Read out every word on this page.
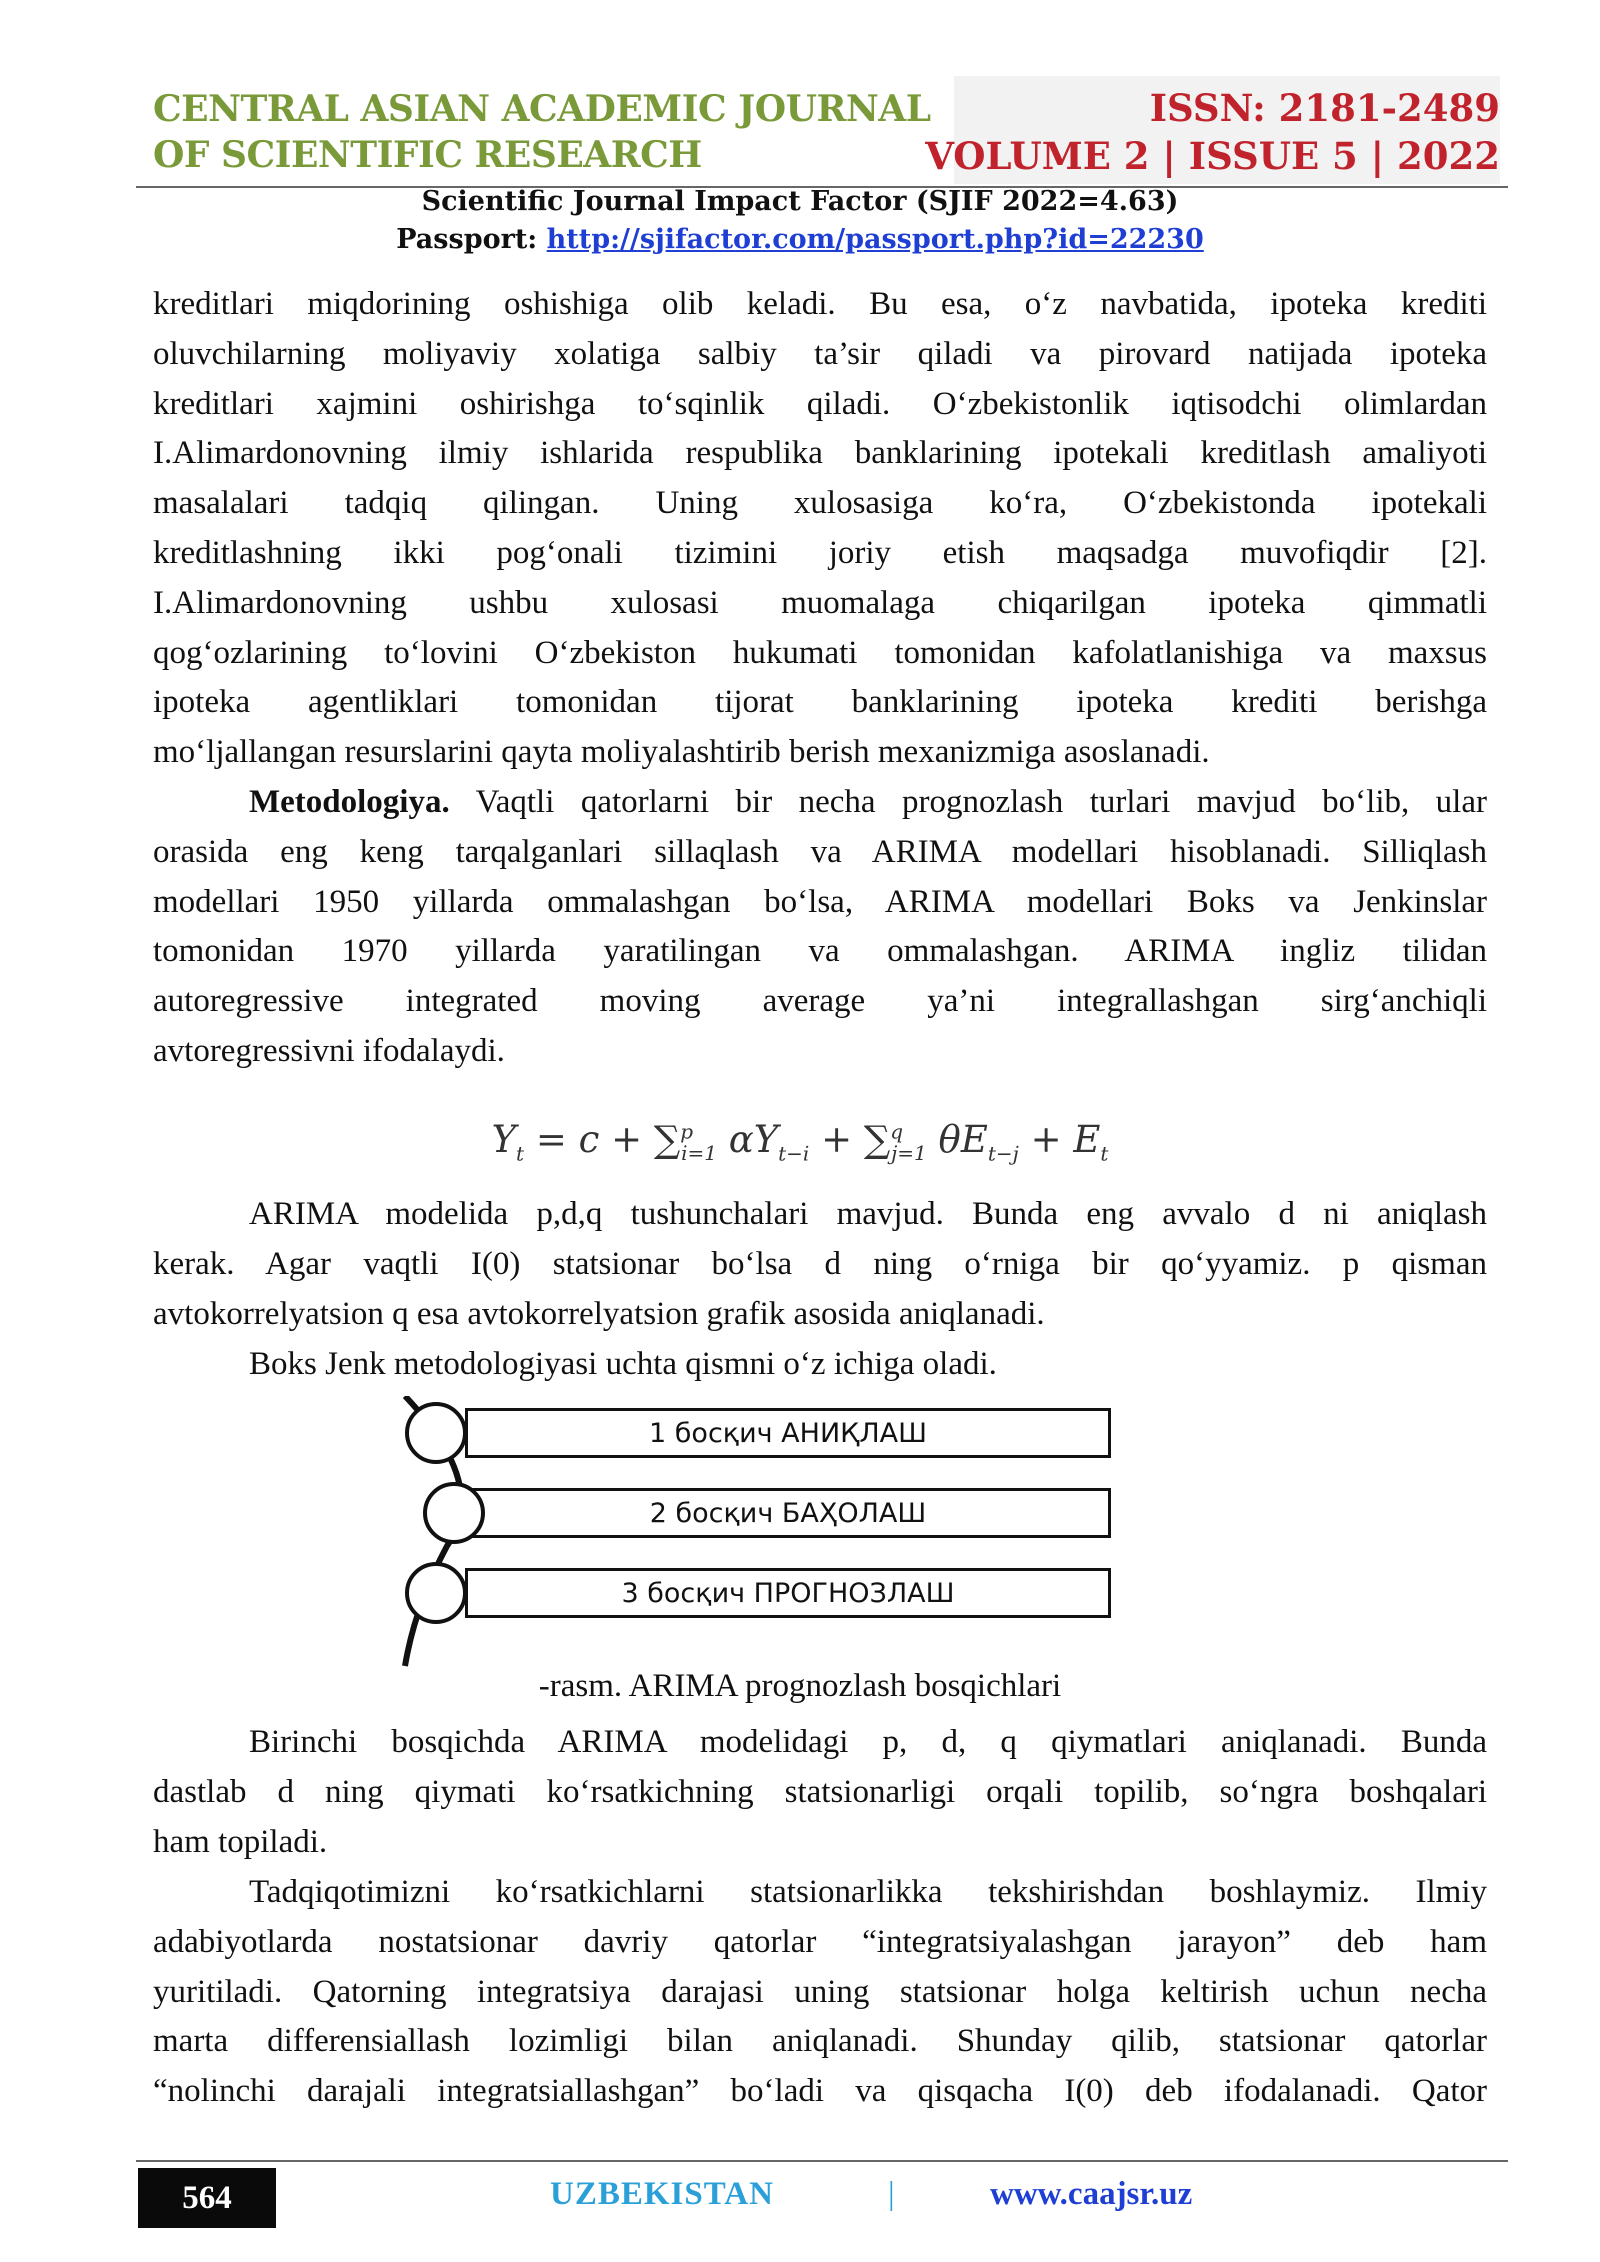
CENTRAL ASIAN ACADEMIC JOURNAL
OF SCIENTIFIC RESEARCH
ISSN: 2181-2489
VOLUME 2 | ISSUE 5 | 2022
Scientific Journal Impact Factor (SJIF 2022=4.63)
Passport: http://sjifactor.com/passport.php?id=22230
kreditlari miqdorining oshishiga olib keladi. Bu esa, o‘z navbatida, ipoteka krediti
oluvchilarning moliyaviy xolatiga salbiy ta’sir qiladi va pirovard natijada ipoteka
kreditlari xajmini oshirishga to‘sqinlik qiladi. O‘zbekistonlik iqtisodchi olimlardan
I.Alimardonovning ilmiy ishlarida respublika banklarining ipotekali kreditlash amaliyoti
masalalari tadqiq qilingan. Uning xulosasiga ko‘ra, O‘zbekistonda ipotekali
kreditlashning ikki pog‘onali tizimini joriy etish maqsadga muvofiqdir [2].
I.Alimardonovning ushbu xulosasi muomalaga chiqarilgan ipoteka qimmatli
qog‘ozlarining to‘lovini O‘zbekiston hukumati tomonidan kafolatlanishiga va maxsus
ipoteka agentliklari tomonidan tijorat banklarining ipoteka krediti berishga
mo‘ljallangan resurslarini qayta moliyalashtirib berish mexanizmiga asoslanadi.
Metodologiya. Vaqtli qatorlarni bir necha prognozlash turlari mavjud bo‘lib, ular
orasida eng keng tarqalganlari sillaqlash va ARIMA modellari hisoblanadi. Silliqlash
modellari 1950 yillarda ommalashgan bo‘lsa, ARIMA modellari Boks va Jenkinslar
tomonidan 1970 yillarda yaratilingan va ommalashgan. ARIMA ingliz tilidan
autoregressive integrated moving average ya’ni integrallashgan sirg‘anchiqli
avtoregressivni ifodalaydi.
$Y_t = c + \sum^p_{i=1}$ $\alpha Y_{t-i} + \sum^q_{j=1}$ $\theta E_{t-j} + E_t$
ARIMA modelida p,d,q tushunchalari mavjud. Bunda eng avvalo d ni aniqlash
kerak. Agar vaqtli I(0) statsionar bo‘lsa d ning o‘rniga bir qo‘yyamiz. p qisman
avtokorrelyatsion q esa avtokorrelyatsion grafik asosida aniqlanadi.
Boks Jenk metodologiyasi uchta qismni o‘z ichiga oladi.
1 босқич АНИҚЛАШ
2 босқич БАҲОЛАШ
3 босқич ПРОГНОЗЛАШ
-rasm. ARIMA prognozlash bosqichlari
Birinchi bosqichda ARIMA modelidagi p, d, q qiymatlari aniqlanadi. Bunda
dastlab d ning qiymati ko‘rsatkichning statsionarligi orqali topilib, so‘ngra boshqalari
ham topiladi.
Tadqiqotimizni ko‘rsatkichlarni statsionarlikka tekshirishdan boshlaymiz. Ilmiy
adabiyotlarda nostatsionar davriy qatorlar “integratsiyalashgan jarayon” deb ham
yuritiladi. Qatorning integratsiya darajasi uning statsionar holga keltirish uchun necha
marta differensiallash lozimligi bilan aniqlanadi. Shunday qilib, statsionar qatorlar
“nolinchi darajali integratsiallashgan” bo‘ladi va qisqacha I(0) deb ifodalanadi. Qator
564	UZBEKISTAN	|	www.caajsr.uz
